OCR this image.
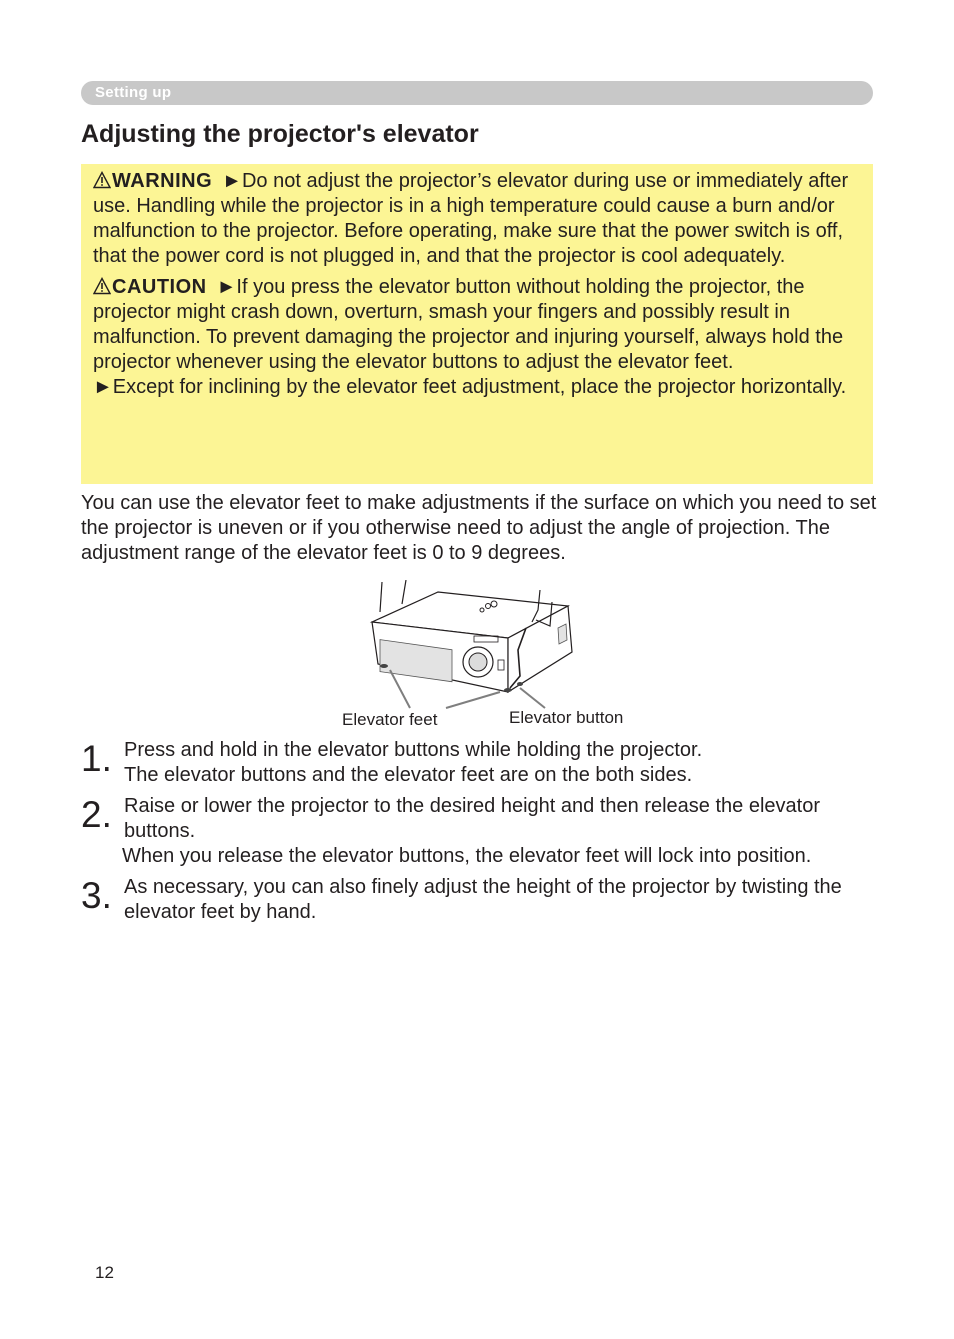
Setting up
Adjusting the projector's elevator

WARNING ►Do not adjust the projector’s elevator during use or immediately after use. Handling while the projector is in a high temperature could cause a burn and/or malfunction to the projector. Before operating, make sure that the power switch is off, that the power cord is not plugged in, and that the projector is cool adequately.

CAUTION ►If you press the elevator button without holding the projector, the projector might crash down, overturn, smash your fingers and possibly result in malfunction. To prevent damaging the projector and injuring yourself, always hold the projector whenever using the elevator buttons to adjust the elevator feet.

►Except for inclining by the elevator feet adjustment, place the projector horizontally.

You can use the elevator feet to make adjustments if the surface on which you need to set the projector is uneven or if you otherwise need to adjust the angle of projection. The adjustment range of the elevator feet is 0 to 9 degrees.

Elevator feet	Elevator button
1. Press and hold in the elevator buttons while holding the projector.

The elevator buttons and the elevator feet are on the both sides.

2. Raise or lower the projector to the desired height and then release the elevator buttons.

When you release the elevator buttons, the elevator feet will lock into position.

3. As necessary, you can also finely adjust the height of the projector by twisting the elevator feet by hand.

12
